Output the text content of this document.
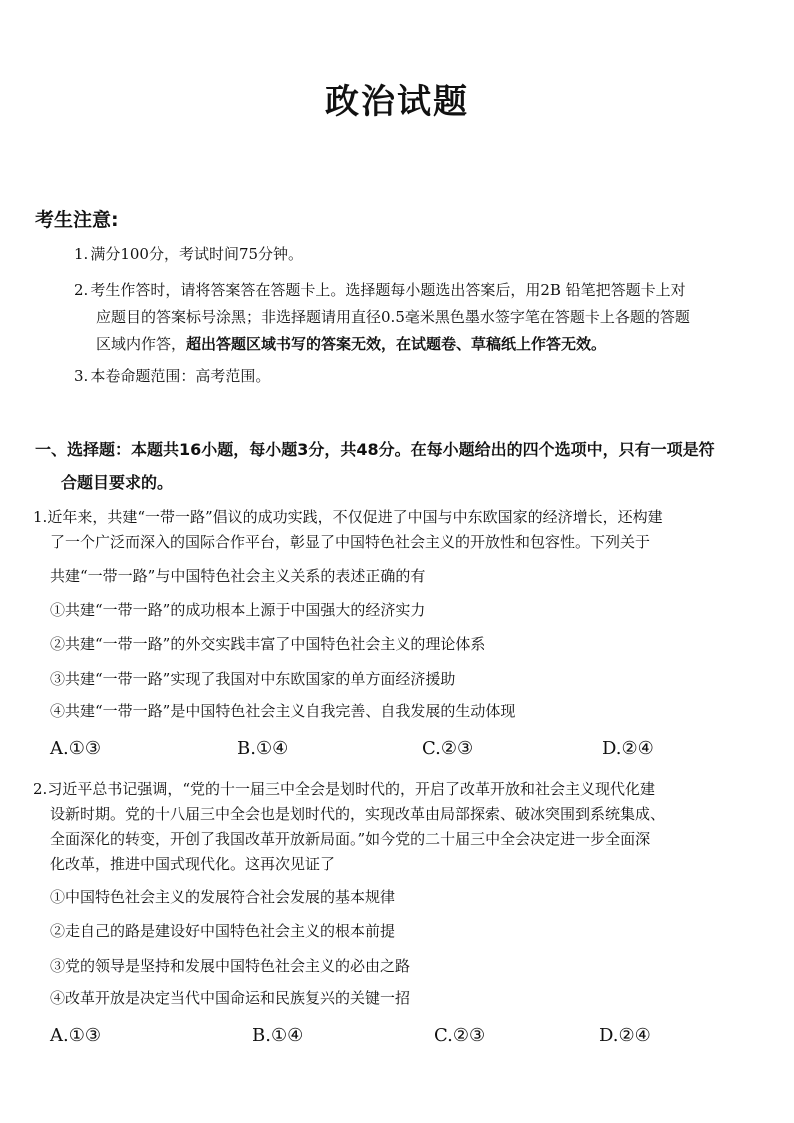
政治试题
考生注意:
1. 满分100分，考试时间75分钟。
2. 考生作答时，请将答案答在答题卡上。选择题每小题选出答案后，用2B 铅笔把答题卡上对
应题目的答案标号涂黑；非选择题请用直径0.5毫米黑色墨水签字笔在答题卡上各题的答题
区域内作答，超出答题区域书写的答案无效，在试题卷、草稿纸上作答无效。
3. 本卷命题范围：高考范围。
一、选择题：本题共16小题，每小题3分，共48分。在每小题给出的四个选项中，只有一项是符
合题目要求的。
1.近年来，共建“一带一路”倡议的成功实践，不仅促进了中国与中东欧国家的经济增长，还构建
了一个广泛而深入的国际合作平台，彰显了中国特色社会主义的开放性和包容性。下列关于
共建“一带一路”与中国特色社会主义关系的表述正确的有
①共建“一带一路”的成功根本上源于中国强大的经济实力
②共建“一带一路”的外交实践丰富了中国特色社会主义的理论体系
③共建“一带一路”实现了我国对中东欧国家的单方面经济援助
④共建“一带一路”是中国特色社会主义自我完善、自我发展的生动体现
A.①③	B.①④	C.②③	D.②④
2.习近平总书记强调，“党的十一届三中全会是划时代的，开启了改革开放和社会主义现代化建
设新时期。党的十八届三中全会也是划时代的，实现改革由局部探索、破冰突围到系统集成、
全面深化的转变，开创了我国改革开放新局面。”如今党的二十届三中全会决定进一步全面深
化改革，推进中国式现代化。这再次见证了
①中国特色社会主义的发展符合社会发展的基本规律
②走自己的路是建设好中国特色社会主义的根本前提
③党的领导是坚持和发展中国特色社会主义的必由之路
④改革开放是决定当代中国命运和民族复兴的关键一招
A.①③	B.①④	C.②③	D.②④
